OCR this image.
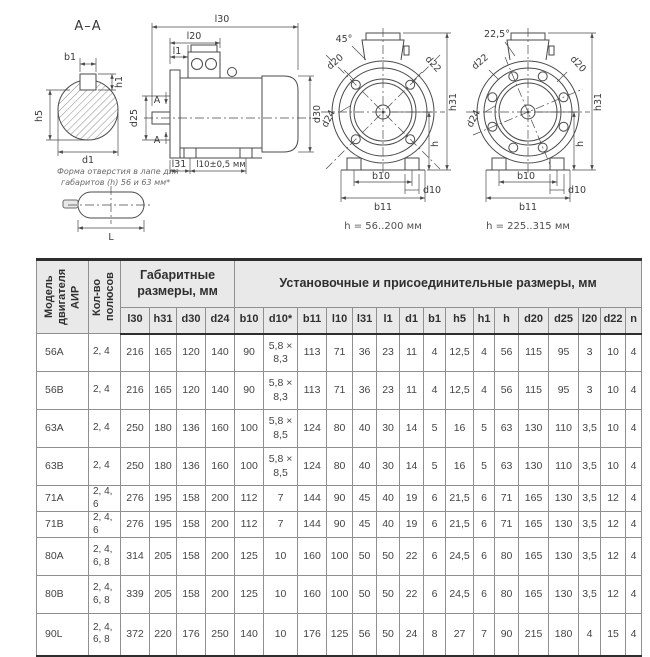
А–А
b1
h1
h5
d1
Форма отверстия в лапе для
габаритов (h) 56 и 63 мм*
L
l30
l20
l1
А
А
d25	d30
l31 l10±0,5 мм
45°
d20	d22
d24
h31
h
b10
d10
b11
h = 56..200 мм
22,5°
d22	d20
d24
h31
h
b10
d10
b11
h = 225..315 мм
Модель двигателя АИР	Кол-во полюсов	Габаритные размеры, мм				Установочные и присоединительные размеры, мм															
		l30	h31	d30	d24	b10	d10*	b11	l10	l31	l1	d1	b1	h5	h1	h	d20	d25	l20	d22	n
56A	2, 4	216	165	120	140	90	5,8 × 8,3	113	71	36	23	11	4	12,5	4	56	115	95	3	10	4
56B	2, 4	216	165	120	140	90	5,8 × 8,3	113	71	36	23	11	4	12,5	4	56	115	95	3	10	4
63A	2, 4	250	180	136	160	100	5,8 × 8,5	124	80	40	30	14	5	16	5	63	130	110	3,5	10	4
63B	2, 4	250	180	136	160	100	5,8 × 8,5	124	80	40	30	14	5	16	5	63	130	110	3,5	10	4
71A	2, 4, 6	276	195	158	200	112	7	144	90	45	40	19	6	21,5	6	71	165	130	3,5	12	4
71B	2, 4, 6	276	195	158	200	112	7	144	90	45	40	19	6	21,5	6	71	165	130	3,5	12	4
80A	2, 4, 6, 8	314	205	158	200	125	10	160	100	50	50	22	6	24,5	6	80	165	130	3,5	12	4
80B	2, 4, 6, 8	339	205	158	200	125	10	160	100	50	50	22	6	24,5	6	80	165	130	3,5	12	4
90L	2, 4, 6, 8	372	220	176	250	140	10	176	125	56	50	24	8	27	7	90	215	180	4	15	4
